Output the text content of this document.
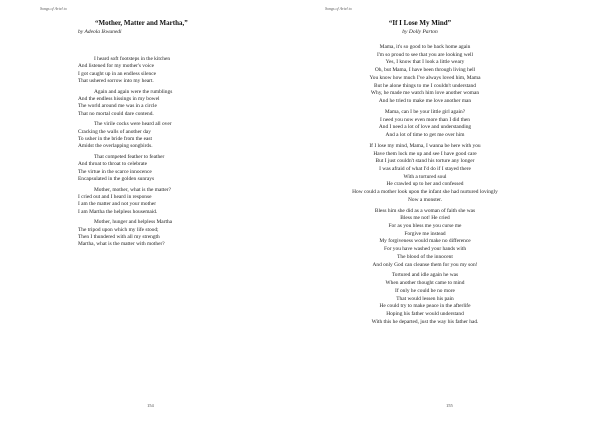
Songs of Ariel to
“Mother, Matter and Martha,”
by Adeola Ikwunedi
I heard soft footsteps in the kitchen
And listened for my mother's voice
I got caught up in an endless silence
That ushered sorrow into my heart.
Again and again were the rumblings
And the endless hissings in my bowel
The world around me was in a circle
That no mortal could dare contend.
The virile cocks were heard all over
Cracking the walls of another day
To usher in the bride from the east
Amidst the overlapping songbirds.
That competed feather to feather
And throat to throat to celebrate
The virtue in the scarce innocence
Encapsulated in the golden sunrays
Mother, mother, what is the matter?
I cried out and I heard in response
I am the matter and not your mother
I am Martha the helpless housemaid.
Mother, hunger and helpless Martha
The tripod upon which my life stood;
Then I thundered with all my strength
Martha, what is the matter with mother?
154
Songs of Ariel to
155
“If I Lose My Mind”
by Dolly Parton
Mama, it's so good to be back home again
I'm so proud to see that you are looking well
Yes, I know that I look a little weary
Oh, but Mama, I have been through living hell
You know how much I've always loved him, Mama
But he alone things to me I couldn't understand
Why, he made me watch him love another woman
And he tried to make me love another man
Mama, can I be your little girl again?
I need you now even more than I did then
And I need a lot of love and understanding
And a lot of time to get me over him
If I lose my mind, Mama, I wanna be here with you
Have them lock me up and see I have good care
But I just couldn't stand his torture any longer
I was afraid of what I'd do if I stayed there
With a tortured soul
He crawled up to her and confessed
How could a mother look upon the infant she had nurtured lovingly
Now a monster.
Bless him she did as a woman of faith she was
Bless me not! He cried
For as you bless me you curse me
Forgive me instead
My forgiveness would make no difference
For you have washed your hands with
The blood of the innocent
And only God can cleanse them for you my son!
Tortured and idle again he was
When another thought came to mind
If only he could be no more
That would lessen his pain
He could try to make peace in the afterlife
Hoping his father would understand
With this he departed, just the way his father had.
